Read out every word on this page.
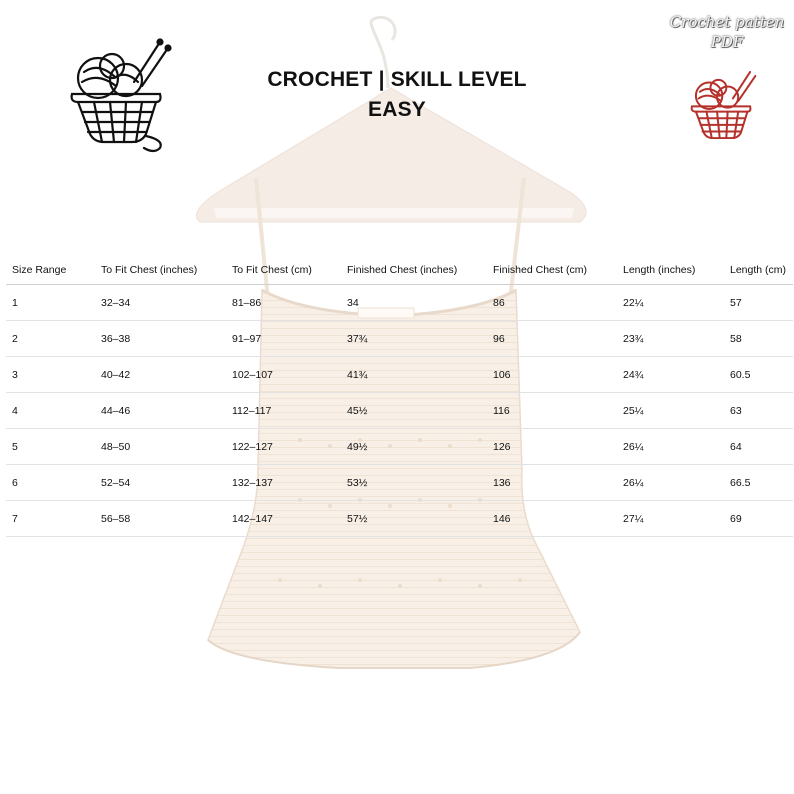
Crochet patten
PDF
CROCHET | SKILL LEVEL
EASY
Size Range	To Fit Chest (inches)	To Fit Chest (cm)	Finished Chest (inches)	Finished Chest (cm)	Length (inches)	Length (cm)
1	32–34	81–86	34	86	22¼	57
2	36–38	91–97	37¾	96	23¾	58
3	40–42	102–107	41¾	106	24¾	60.5
4	44–46	112–117	45½	116	25¼	63
5	48–50	122–127	49½	126	26¼	64
6	52–54	132–137	53½	136	26¼	66.5
7	56–58	142–147	57½	146	27¼	69
